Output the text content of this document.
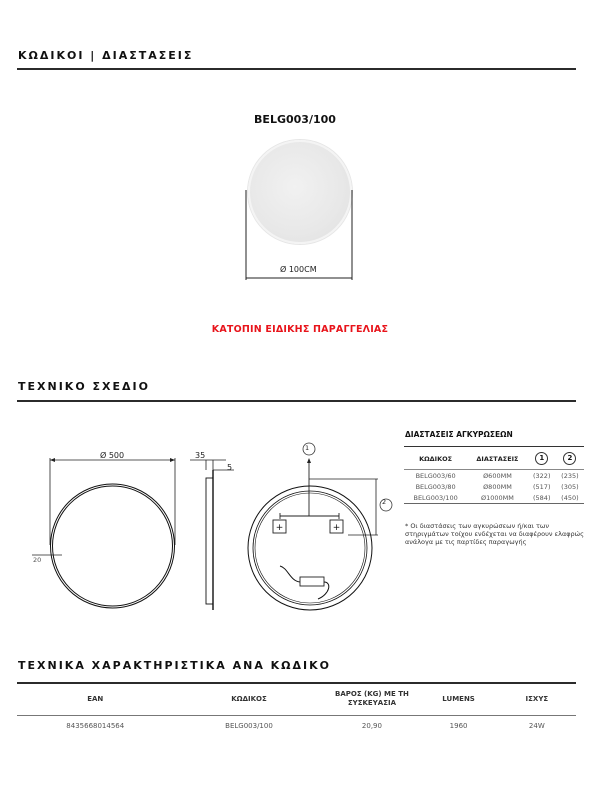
ΚΩΔΙΚΟΙ | ΔΙΑΣΤΑΣΕΙΣ
BELG003/100
Ø 100CM
ΚΑΤΟΠΙΝ ΕΙΔΙΚΗΣ ΠΑΡΑΓΓΕΛΙΑΣ
ΤΕΧΝΙΚΟ ΣΧΕΔΙΟ
Ø 500
20
35
5
+	+
1
2
ΔΙΑΣΤΑΣΕΙΣ ΑΓΚΥΡΩΣΕΩΝ
ΚΩΔΙΚΟΣ	ΔΙΑΣΤΑΣΕΙΣ	1	2
BELG003/60	Ø600MM	(322)	(235)
BELG003/80	Ø800MM	(517)	(305)
BELG003/100	Ø1000MM	(584)	(450)
* Οι διαστάσεις των αγκυρώσεων ή/και των στηριγμάτων τοίχου ενδέχεται να διαφέρουν ελαφρώς ανάλογα με τις παρτίδες παραγωγής
ΤΕΧΝΙΚΑ ΧΑΡΑΚΤΗΡΙΣΤΙΚΑ ΑΝΑ ΚΩΔΙΚΟ
ΕΑΝ	ΚΩΔΙΚΟΣ	ΒΑΡΟΣ (KG) ΜΕ ΤΗ ΣΥΣΚΕΥΑΣΙΑ	LUMENS	ΙΣΧΥΣ
8435668014564	BELG003/100	20,90	1960	24W
